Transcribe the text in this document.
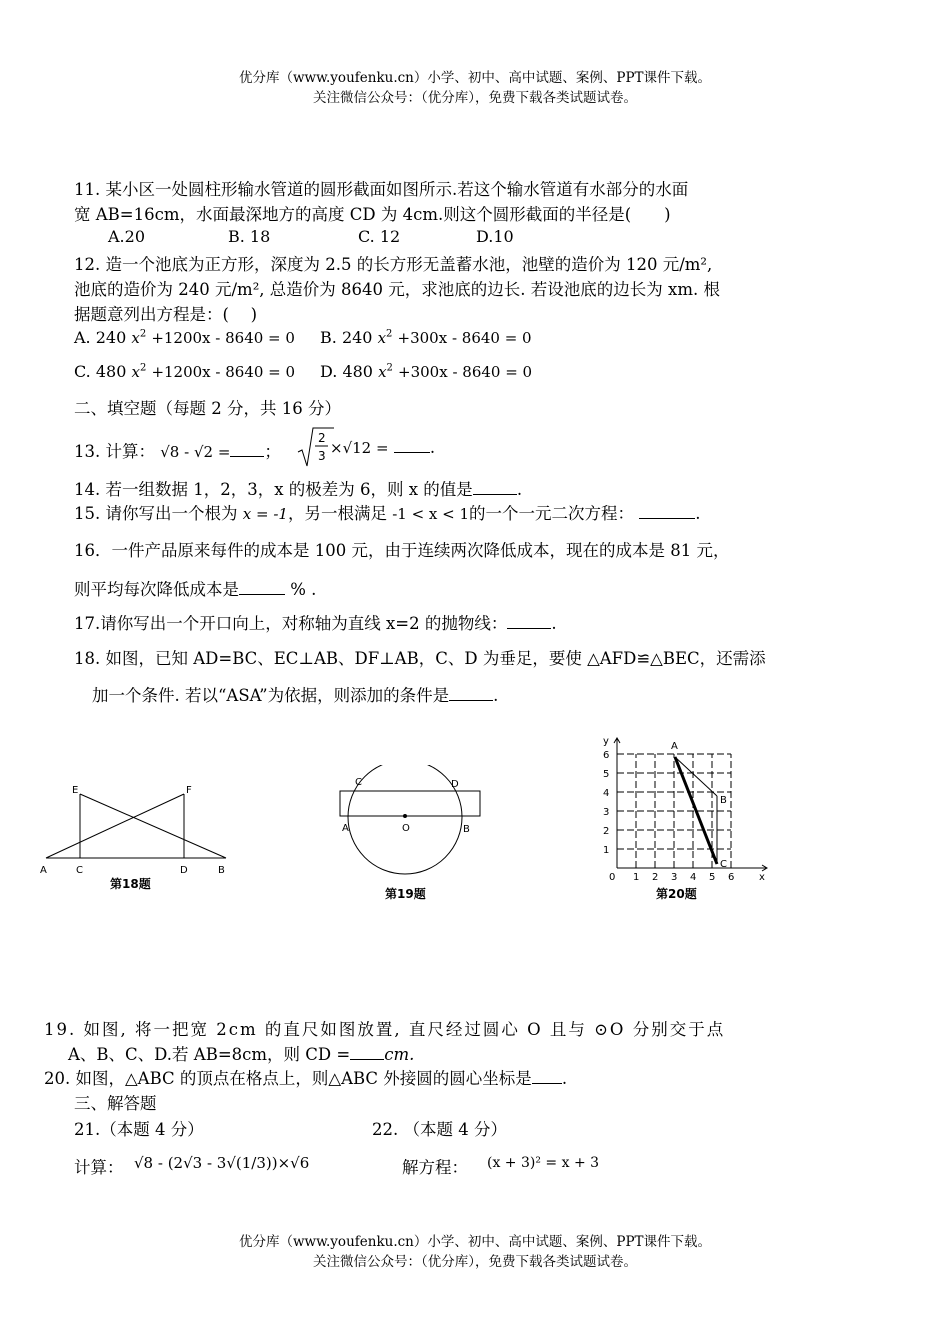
优分库（www.youfenku.cn）小学、初中、高中试题、案例、PPT课件下载。
关注微信公众号：（优分库），免费下载各类试题试卷。
11. 某小区一处圆柱形输水管道的圆形截面如图所示.若这个输水管道有水部分的水面
宽 AB=16cm，水面最深地方的高度 CD 为 4cm.则这个圆形截面的半径是(　　)
A.20	B. 18	C. 12	D.10
12. 造一个池底为正方形，深度为 2.5 的长方形无盖蓄水池，池壁的造价为 120 元/m²,
池底的造价为 240 元/m², 总造价为 8640 元，求池底的边长. 若设池底的边长为 xm. 根
据题意列出方程是：(　 )
A. 240 $x^2 +1200x - 8640 = 0$ B. 240 $x^2 +300x - 8640 = 0$
C. 480 $x^2 +1200x - 8640 = 0$ D. 480 $x^2 +300x - 8640 = 0$
二、填空题（每题 2 分，共 16 分）
13. 计算： √8 - √2 = ；
2
3 ×√12 =	.
14. 若一组数据 1，2，3，x 的极差为 6，则 x 的值是	.
15. 请你写出一个根为 x = -1，另一根满足 -1 < x < 1的一个一元二次方程：	.
16．一件产品原来每件的成本是 100 元，由于连续两次降低成本，现在的成本是 81 元，
则平均每次降低成本是	% .
17.请你写出一个开口向上，对称轴为直线 x=2 的抛物线：	.
18. 如图，已知 AD=BC、EC⊥AB、DF⊥AB，C、D 为垂足，要使 △AFD≌△BEC，还需添
加一个条件. 若以“ASA”为依据，则添加的条件是	.
E	F
A	C	D	B
第18题
C	D
A	O	B
第19题
y
x
0 1
1
2
2
3
3
4
4
5
5
6
6
A
B
C
第20题
19. 如图, 将一把宽 2cm 的直尺如图放置, 直尺经过圆心 O 且与 ⊙O 分别交于点
A、B、C、D.若 AB=8cm，则 CD = cm.
20. 如图，△ABC 的顶点在格点上，则△ABC 外接圆的圆心坐标是 .
三、解答题
21.（本题 4 分）	22. （本题 4 分）
计算： √8 - (2√3 - 3√(1/3))×√6	解方程： (x + 3)² = x + 3
优分库（www.youfenku.cn）小学、初中、高中试题、案例、PPT课件下载。
关注微信公众号：（优分库），免费下载各类试题试卷。
